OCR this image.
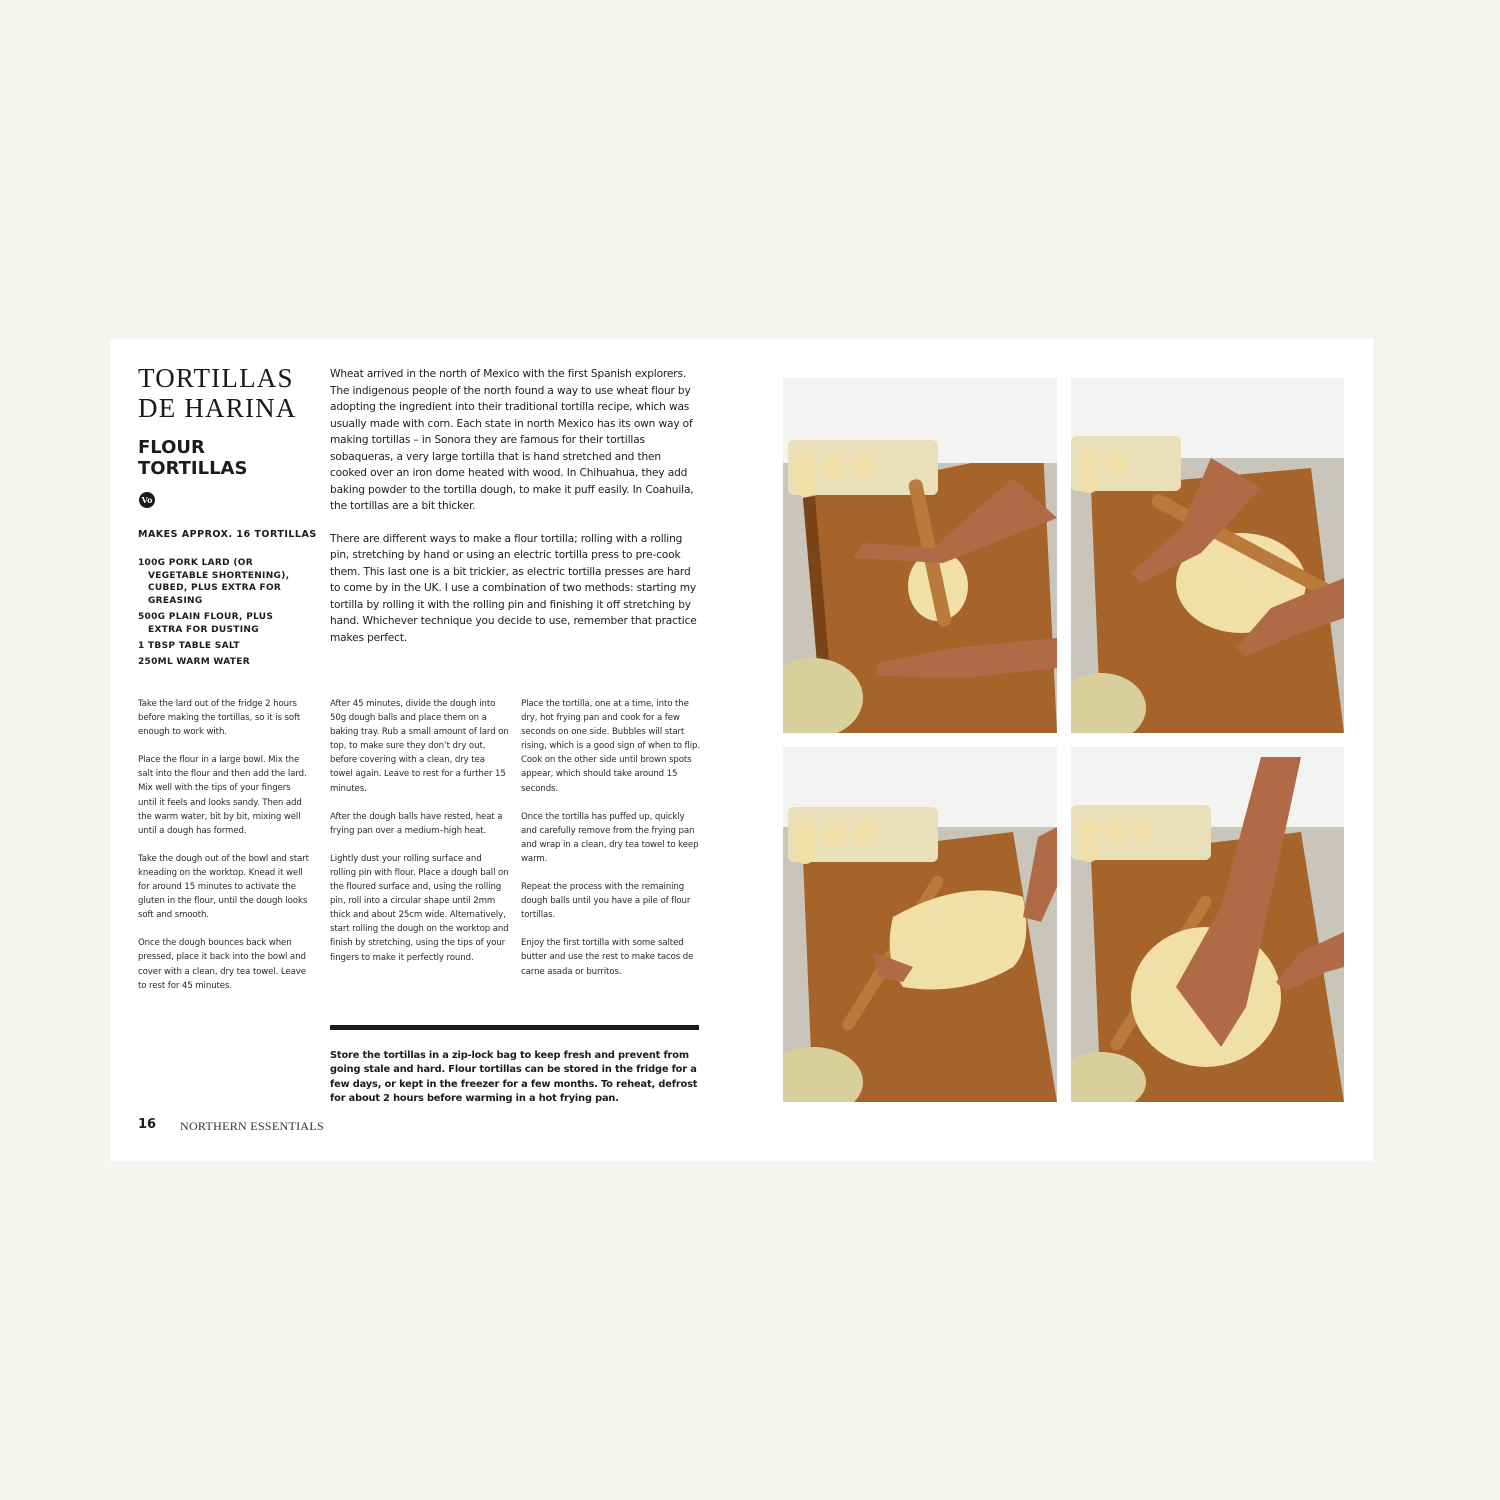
TORTILLAS
DE HARINA
FLOUR
TORTILLAS
Vo
MAKES APPROX. 16 TORTILLAS
100G PORK LARD (OR VEGETABLE SHORTENING), CUBED, PLUS EXTRA FOR GREASING
500G PLAIN FLOUR, PLUS EXTRA FOR DUSTING
1 TBSP TABLE SALT
250ML WARM WATER

Wheat arrived in the north of Mexico with the first Spanish explorers. The indigenous people of the north found a way to use wheat flour by adopting the ingredient into their traditional tortilla recipe, which was usually made with corn. Each state in north Mexico has its own way of making tortillas – in Sonora they are famous for their tortillas sobaqueras, a very large tortilla that is hand stretched and then cooked over an iron dome heated with wood. In Chihuahua, they add baking powder to the tortilla dough, to make it puff easily. In Coahuila, the tortillas are a bit thicker.

There are different ways to make a flour tortilla; rolling with a rolling pin, stretching by hand or using an electric tortilla press to pre-cook them. This last one is a bit trickier, as electric tortilla presses are hard to come by in the UK. I use a combination of two methods: starting my tortilla by rolling it with the rolling pin and finishing it off stretching by hand. Whichever technique you decide to use, remember that practice makes perfect.

Take the lard out of the fridge 2 hours before making the tortillas, so it is soft enough to work with.

Place the flour in a large bowl. Mix the salt into the flour and then add the lard. Mix well with the tips of your fingers until it feels and looks sandy. Then add the warm water, bit by bit, mixing well until a dough has formed.

Take the dough out of the bowl and start kneading on the worktop. Knead it well for around 15 minutes to activate the gluten in the flour, until the dough looks soft and smooth.

Once the dough bounces back when pressed, place it back into the bowl and cover with a clean, dry tea towel. Leave to rest for 45 minutes.

After 45 minutes, divide the dough into 50g dough balls and place them on a baking tray. Rub a small amount of lard on top, to make sure they don’t dry out, before covering with a clean, dry tea towel again. Leave to rest for a further 15 minutes.

After the dough balls have rested, heat a frying pan over a medium–high heat.

Lightly dust your rolling surface and rolling pin with flour. Place a dough ball on the floured surface and, using the rolling pin, roll into a circular shape until 2mm thick and about 25cm wide. Alternatively, start rolling the dough on the worktop and finish by stretching, using the tips of your fingers to make it perfectly round.

Place the tortilla, one at a time, into the dry, hot frying pan and cook for a few seconds on one side. Bubbles will start rising, which is a good sign of when to flip. Cook on the other side until brown spots appear, which should take around 15 seconds.

Once the tortilla has puffed up, quickly and carefully remove from the frying pan and wrap in a clean, dry tea towel to keep warm.

Repeat the process with the remaining dough balls until you have a pile of flour tortillas.

Enjoy the first tortilla with some salted butter and use the rest to make tacos de carne asada or burritos.

Store the tortillas in a zip-lock bag to keep fresh and prevent from going stale and hard. Flour tortillas can be stored in the fridge for a few days, or kept in the freezer for a few months. To reheat, defrost for about 2 hours before warming in a hot frying pan.
16 NORTHERN ESSENTIALS
